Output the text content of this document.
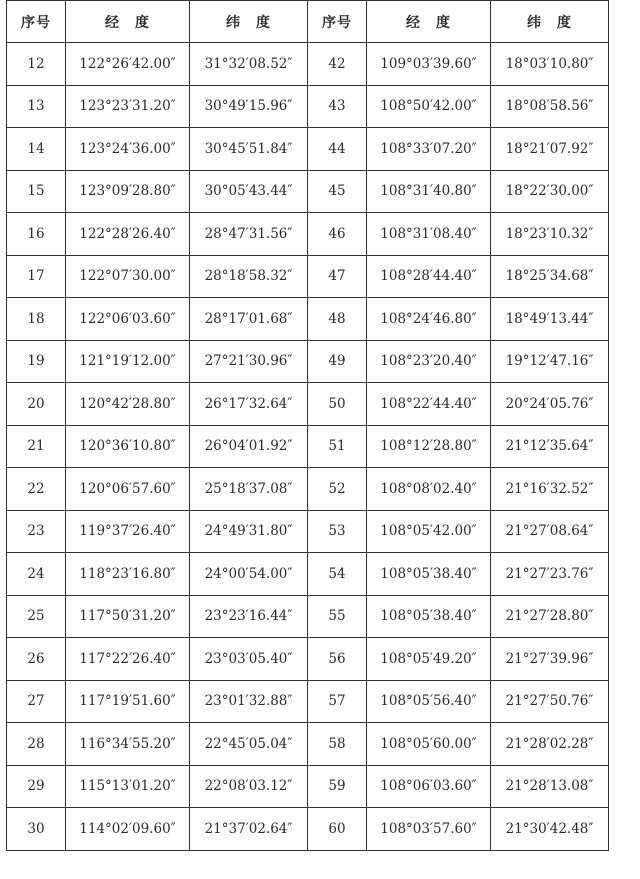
序号	经　度	纬　度	序号	经　度	纬　度
12	122°26′42.00″	31°32′08.52″	42	109°03′39.60″	18°03′10.80″
13	123°23′31.20″	30°49′15.96″	43	108°50′42.00″	18°08′58.56″
14	123°24′36.00″	30°45′51.84″	44	108°33′07.20″	18°21′07.92″
15	123°09′28.80″	30°05′43.44″	45	108°31′40.80″	18°22′30.00″
16	122°28′26.40″	28°47′31.56″	46	108°31′08.40″	18°23′10.32″
17	122°07′30.00″	28°18′58.32″	47	108°28′44.40″	18°25′34.68″
18	122°06′03.60″	28°17′01.68″	48	108°24′46.80″	18°49′13.44″
19	121°19′12.00″	27°21′30.96″	49	108°23′20.40″	19°12′47.16″
20	120°42′28.80″	26°17′32.64″	50	108°22′44.40″	20°24′05.76″
21	120°36′10.80″	26°04′01.92″	51	108°12′28.80″	21°12′35.64″
22	120°06′57.60″	25°18′37.08″	52	108°08′02.40″	21°16′32.52″
23	119°37′26.40″	24°49′31.80″	53	108°05′42.00″	21°27′08.64″
24	118°23′16.80″	24°00′54.00″	54	108°05′38.40″	21°27′23.76″
25	117°50′31.20″	23°23′16.44″	55	108°05′38.40″	21°27′28.80″
26	117°22′26.40″	23°03′05.40″	56	108°05′49.20″	21°27′39.96″
27	117°19′51.60″	23°01′32.88″	57	108°05′56.40″	21°27′50.76″
28	116°34′55.20″	22°45′05.04″	58	108°05′60.00″	21°28′02.28″
29	115°13′01.20″	22°08′03.12″	59	108°06′03.60″	21°28′13.08″
30	114°02′09.60″	21°37′02.64″	60	108°03′57.60″	21°30′42.48″
